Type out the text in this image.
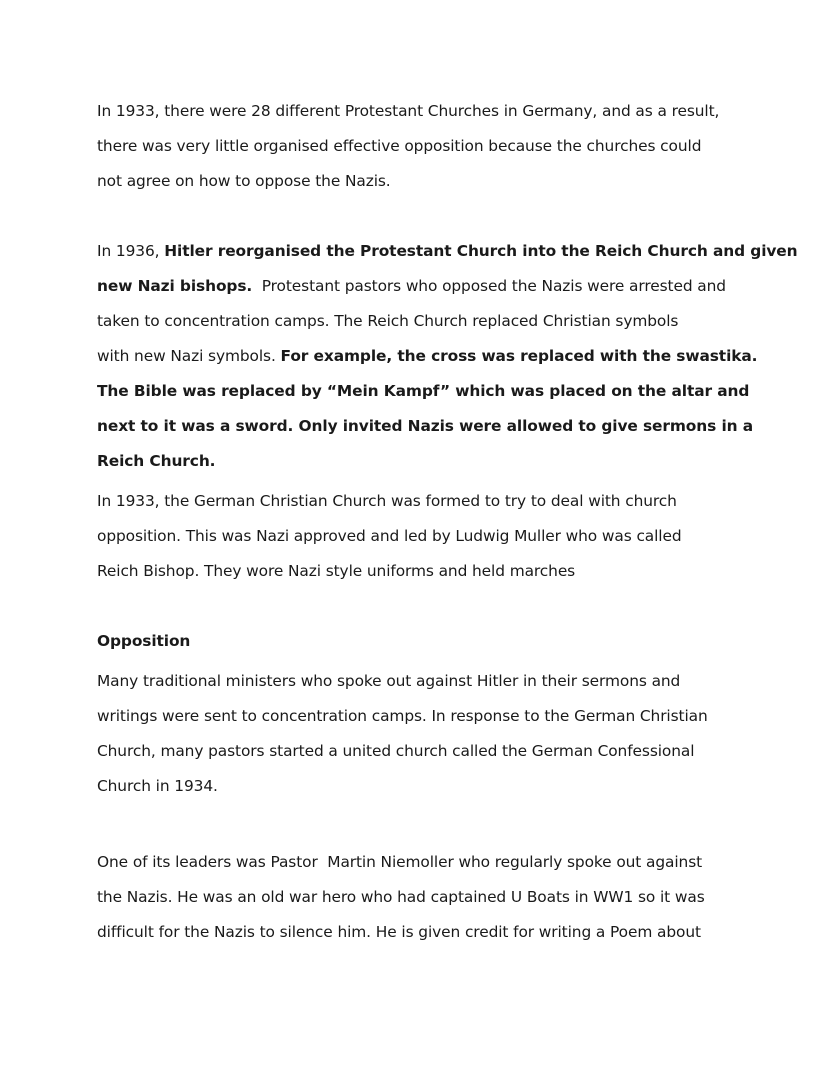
In 1933, there were 28 different Protestant Churches in Germany, and as a result,
there was very little organised effective opposition because the churches could
not agree on how to oppose the Nazis.
In 1936, Hitler reorganised the Protestant Church into the Reich Church and given
new Nazi bishops.  Protestant pastors who opposed the Nazis were arrested and
taken to concentration camps. The Reich Church replaced Christian symbols
with new Nazi symbols. For example, the cross was replaced with the swastika.
The Bible was replaced by “Mein Kampf” which was placed on the altar and
next to it was a sword. Only invited Nazis were allowed to give sermons in a
Reich Church.
In 1933, the German Christian Church was formed to try to deal with church
opposition. This was Nazi approved and led by Ludwig Muller who was called
Reich Bishop. They wore Nazi style uniforms and held marches
Opposition
Many traditional ministers who spoke out against Hitler in their sermons and
writings were sent to concentration camps. In response to the German Christian
Church, many pastors started a united church called the German Confessional
Church in 1934.
One of its leaders was Pastor  Martin Niemoller who regularly spoke out against
the Nazis. He was an old war hero who had captained U Boats in WW1 so it was
difficult for the Nazis to silence him. He is given credit for writing a Poem about
